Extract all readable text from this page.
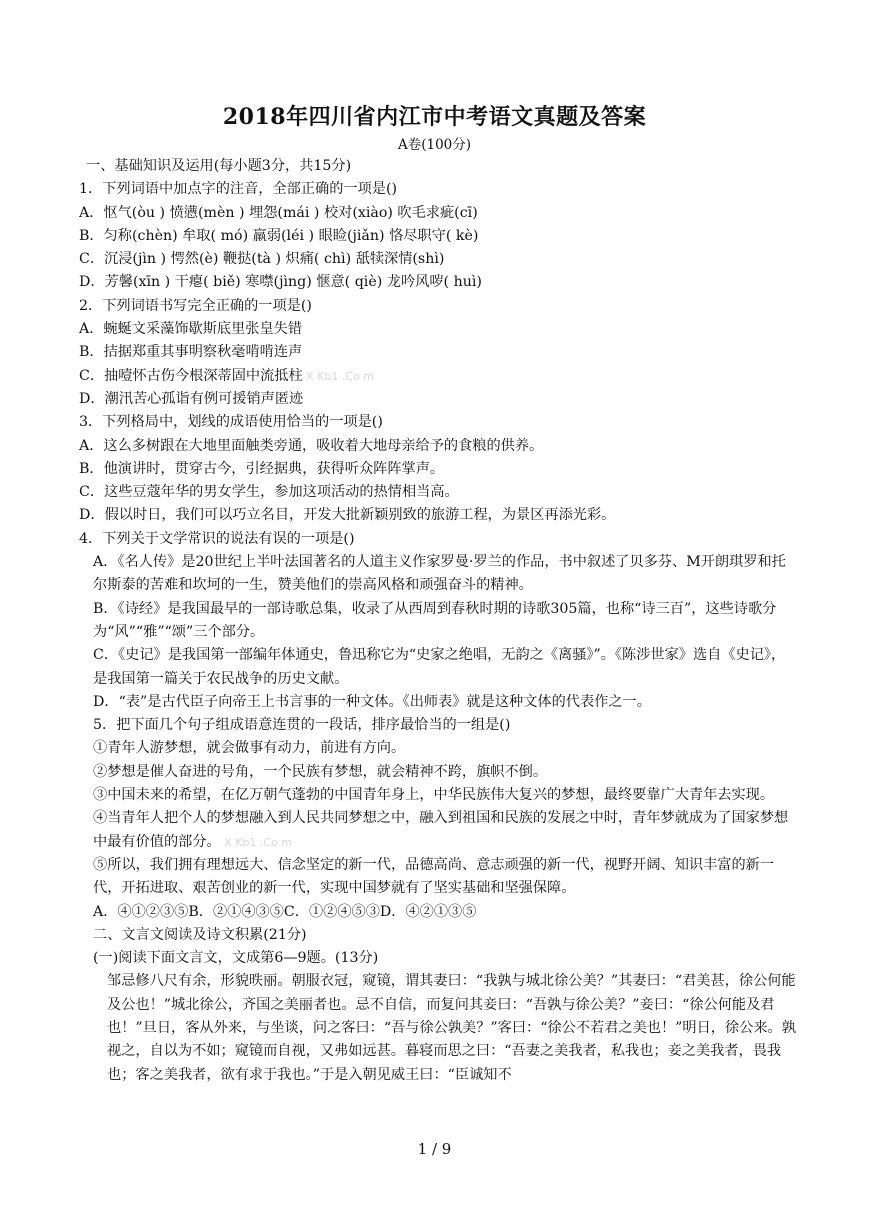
2018年四川省内江市中考语文真题及答案
A卷(100分)

一、基础知识及运用(每小题3分，共15分)

1．下列词语中加点字的注音，全部正确的一项是()

A．怄气(òu ) 愤懑(mèn ) 埋怨(mái ) 校对(xiào) 吹毛求疵(cī)

B．匀称(chèn) 牟取( mó) 羸弱(léi ) 眼睑(jiǎn) 恪尽职守( kè)

C．沉浸(jìn ) 愕然(è) 鞭挞(tà ) 炽痛( chì) 舐犊深情(shì)

D．芳馨(xīn ) 干瘪( biě) 寒噤(jìng) 惬意( qiè) 龙吟风哕( huì)

2．下列词语书写完全正确的一项是()

A．蜿蜒文采藻饰歇斯底里张皇失错

B．拮据郑重其事明察秋毫啃啃连声

C．抽噎怀古伤今根深蒂固中流抵柱 X Kb1 .Co m

D．潮汛苦心孤诣有例可援销声匿迹

3．下列格局中，划线的成语使用恰当的一项是()

A．这么多树跟在大地里面触类旁通，吸收着大地母亲给予的食粮的供养。

B．他演讲时，贯穿古今，引经据典，获得听众阵阵掌声。

C．这些豆蔻年华的男女学生，参加这项活动的热情相当高。

D．假以时日，我们可以巧立名目，开发大批新颖别致的旅游工程，为景区再添光彩。

4．下列关于文学常识的说法有误的一项是()

A．《名人传》是20世纪上半叶法国著名的人道主义作家罗曼·罗兰的作品，书中叙述了贝多芬、M开朗琪罗和托尔斯泰的苦难和坎坷的一生，赞美他们的崇高风格和顽强奋斗的精神。

B．《诗经》是我国最早的一部诗歌总集，收录了从西周到春秋时期的诗歌305篇，也称“诗三百”，这些诗歌分为“风”“雅”“颂”三个部分。

C．《史记》是我国第一部编年体通史，鲁迅称它为“史家之绝唱，无韵之《离骚》”。《陈涉世家》选自《史记》，是我国第一篇关于农民战争的历史文献。

D．“表”是古代臣子向帝王上书言事的一种文体。《出师表》就是这种文体的代表作之一。

5．把下面几个句子组成语意连贯的一段话，排序最恰当的一组是()

①青年人游梦想，就会做事有动力，前进有方向。

②梦想是催人奋进的号角，一个民族有梦想，就会精神不跨，旗帜不倒。

③中国未来的希望，在亿万朝气蓬勃的中国青年身上，中华民族伟大复兴的梦想，最终要靠广大青年去实现。

④当青年人把个人的梦想融入到人民共同梦想之中，融入到祖国和民族的发展之中时，青年梦就成为了国家梦想中最有价值的部分。 X Kb1 .Co m

⑤所以，我们拥有理想远大、信念坚定的新一代，品德高尚、意志顽强的新一代，视野开阔、知识丰富的新一代，开拓进取、艰苦创业的新一代，实现中国梦就有了坚实基础和坚强保障。

A．④①②③⑤B．②①④③⑤C．①②④⑤③D．④②①③⑤

二、文言文阅读及诗文积累(21分)

(一)阅读下面文言文，文成第6—9题。(13分)

邹忌修八尺有余，形貌昳丽。朝服衣冠，窥镜，谓其妻曰：“我孰与城北徐公美？”其妻曰：“君美甚，徐公何能及公也！”城北徐公，齐国之美丽者也。忌不自信，而复问其妾曰：“吾孰与徐公美？”妾曰：“徐公何能及君也！”旦日，客从外来，与坐谈，问之客曰：“吾与徐公孰美？”客曰：“徐公不若君之美也！”明日，徐公来。孰视之，自以为不如；窥镜而自视，又弗如远甚。暮寝而思之曰：“吾妻之美我者，私我也；妾之美我者，畏我也；客之美我者，欲有求于我也。”于是入朝见威王曰：“臣诚知不

1 / 9
